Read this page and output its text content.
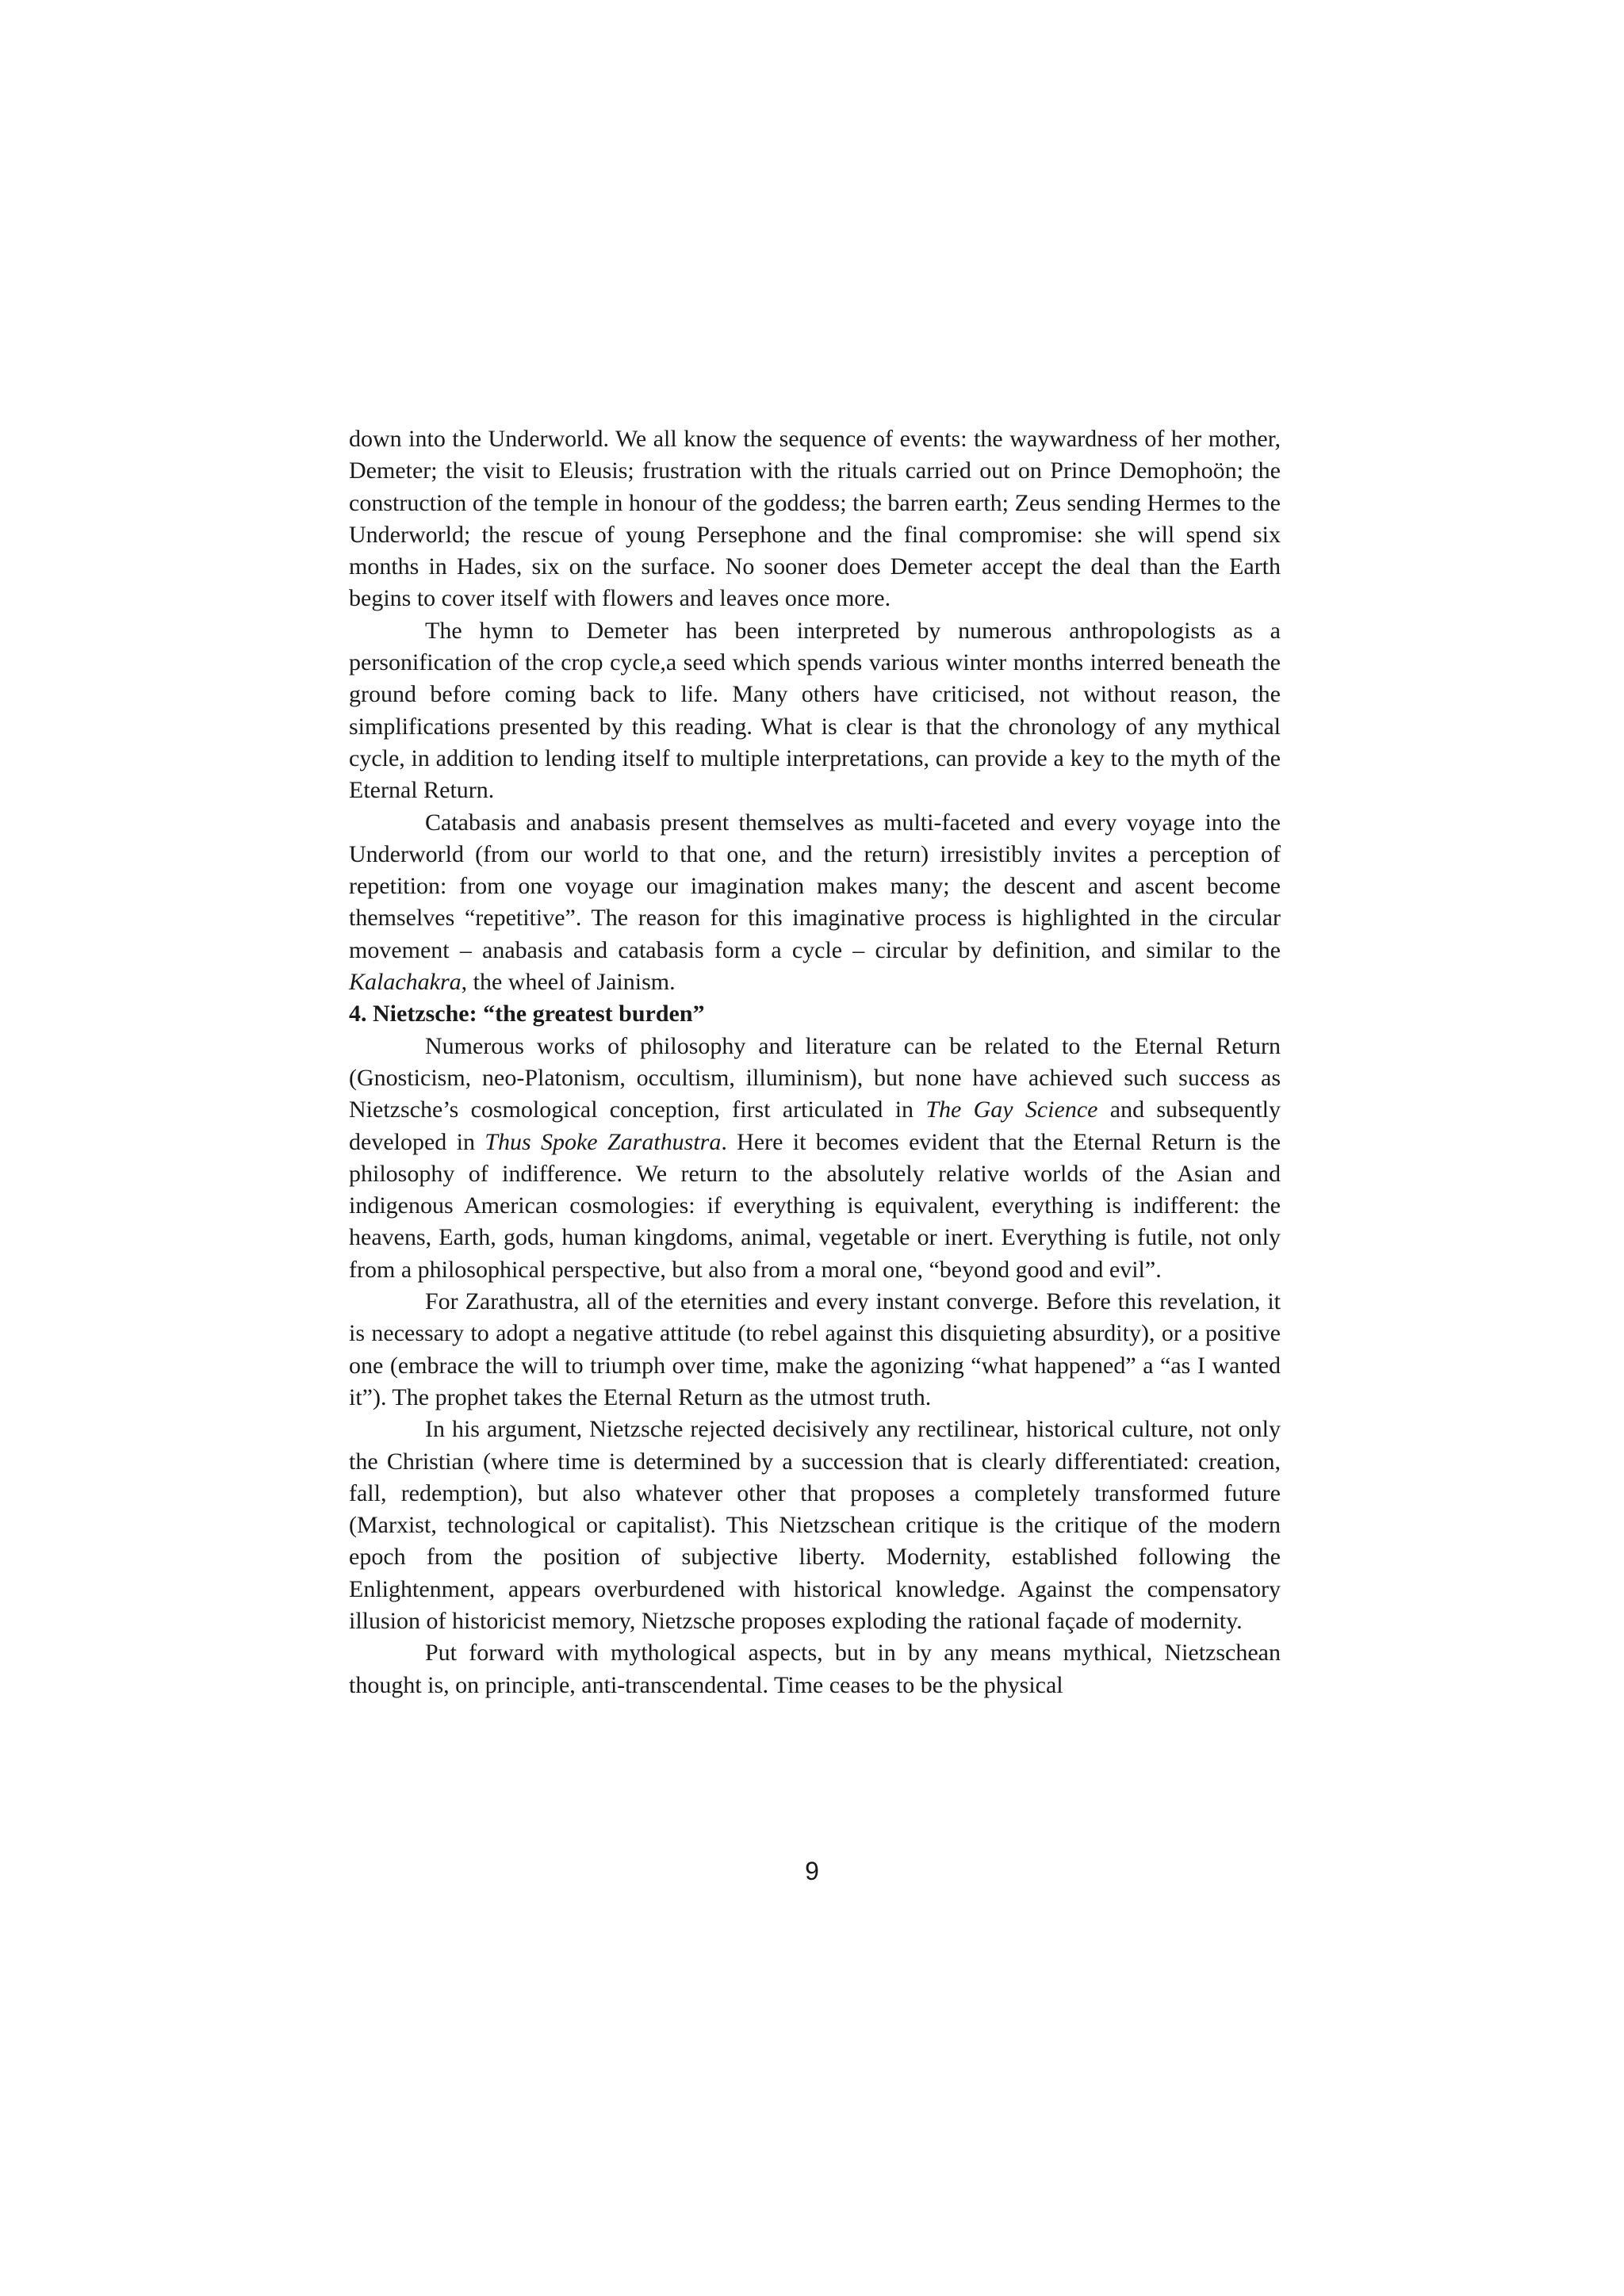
down into the Underworld. We all know the sequence of events: the waywardness of her mother, Demeter; the visit to Eleusis; frustration with the rituals carried out on Prince Demophoön; the construction of the temple in honour of the goddess; the barren earth; Zeus sending Hermes to the Underworld; the rescue of young Persephone and the final compromise: she will spend six months in Hades, six on the surface. No sooner does Demeter accept the deal than the Earth begins to cover itself with flowers and leaves once more.

The hymn to Demeter has been interpreted by numerous anthropologists as a personification of the crop cycle,a seed which spends various winter months interred beneath the ground before coming back to life. Many others have criticised, not without reason, the simplifications presented by this reading. What is clear is that the chronology of any mythical cycle, in addition to lending itself to multiple interpretations, can provide a key to the myth of the Eternal Return.

Catabasis and anabasis present themselves as multi-faceted and every voyage into the Underworld (from our world to that one, and the return) irresistibly invites a perception of repetition: from one voyage our imagination makes many; the descent and ascent become themselves “repetitive”. The reason for this imaginative process is highlighted in the circular movement – anabasis and catabasis form a cycle – circular by definition, and similar to the Kalachakra, the wheel of Jainism.

4. Nietzsche: “the greatest burden”

Numerous works of philosophy and literature can be related to the Eternal Return (Gnosticism, neo-Platonism, occultism, illuminism), but none have achieved such success as Nietzsche’s cosmological conception, first articulated in The Gay Science and subsequently developed in Thus Spoke Zarathustra. Here it becomes evident that the Eternal Return is the philosophy of indifference. We return to the absolutely relative worlds of the Asian and indigenous American cosmologies: if everything is equivalent, everything is indifferent: the heavens, Earth, gods, human kingdoms, animal, vegetable or inert. Everything is futile, not only from a philosophical perspective, but also from a moral one, “beyond good and evil”.

For Zarathustra, all of the eternities and every instant converge. Before this revelation, it is necessary to adopt a negative attitude (to rebel against this disquieting absurdity), or a positive one (embrace the will to triumph over time, make the agonizing “what happened” a “as I wanted it”). The prophet takes the Eternal Return as the utmost truth.

In his argument, Nietzsche rejected decisively any rectilinear, historical culture, not only the Christian (where time is determined by a succession that is clearly differentiated: creation, fall, redemption), but also whatever other that proposes a completely transformed future (Marxist, technological or capitalist). This Nietzschean critique is the critique of the modern epoch from the position of subjective liberty. Modernity, established following the Enlightenment, appears overburdened with historical knowledge. Against the compensatory illusion of historicist memory, Nietzsche proposes exploding the rational façade of modernity.

Put forward with mythological aspects, but in by any means mythical, Nietzschean thought is, on principle, anti-transcendental. Time ceases to be the physical

9
